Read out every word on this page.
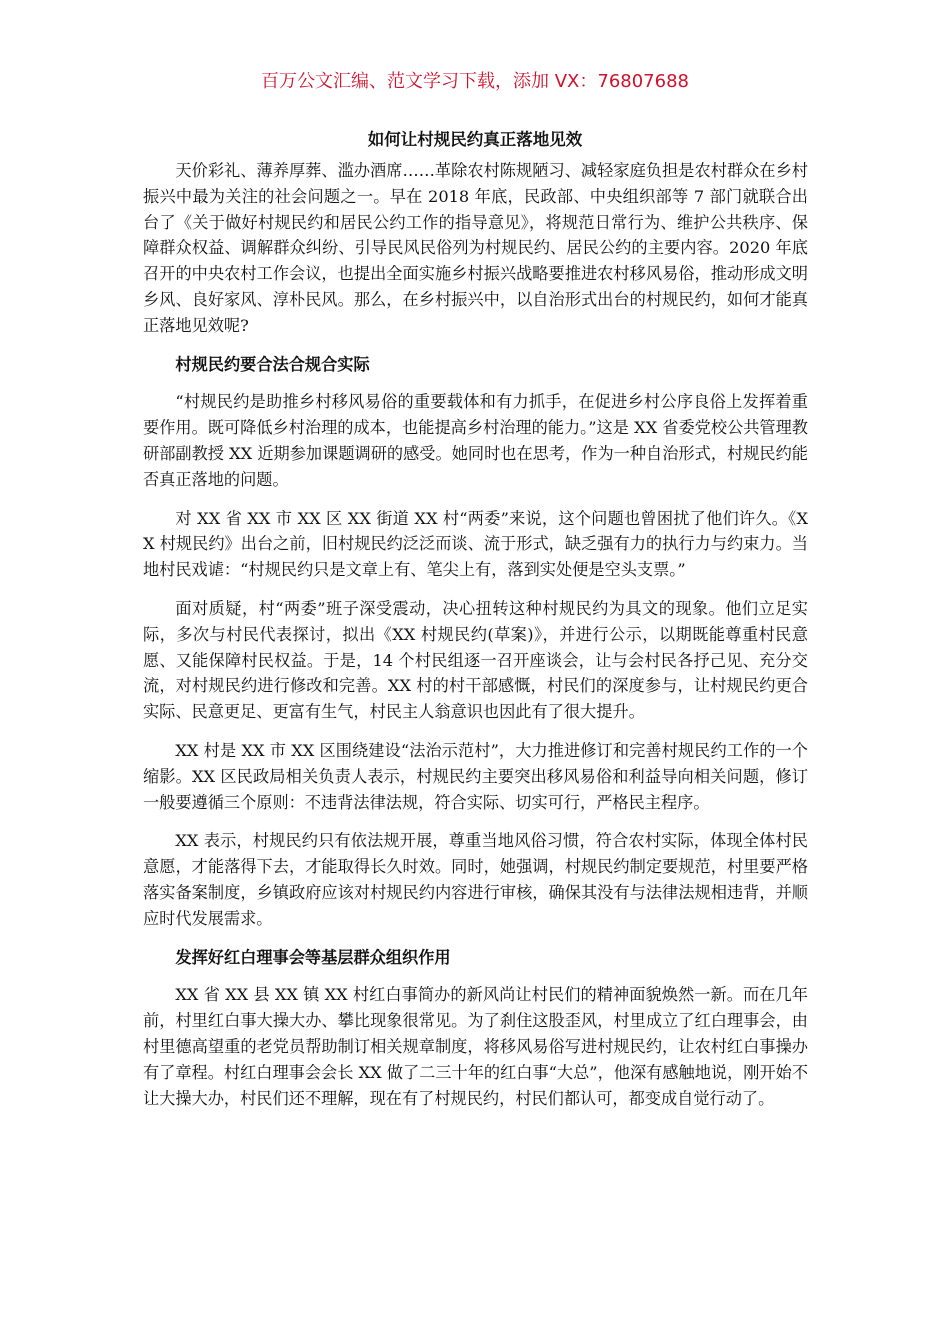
百万公文汇编、范文学习下载，添加 VX：76807688
如何让村规民约真正落地见效

天价彩礼、薄养厚葬、滥办酒席……革除农村陈规陋习、减轻家庭负担是农村群众在乡村振兴中最为关注的社会问题之一。早在 2018 年底，民政部、中央组织部等 7 部门就联合出台了《关于做好村规民约和居民公约工作的指导意见》，将规范日常行为、维护公共秩序、保障群众权益、调解群众纠纷、引导民风民俗列为村规民约、居民公约的主要内容。2020 年底召开的中央农村工作会议，也提出全面实施乡村振兴战略要推进农村移风易俗，推动形成文明乡风、良好家风、淳朴民风。那么，在乡村振兴中，以自治形式出台的村规民约，如何才能真正落地见效呢?

村规民约要合法合规合实际

“村规民约是助推乡村移风易俗的重要载体和有力抓手，在促进乡村公序良俗上发挥着重要作用。既可降低乡村治理的成本，也能提高乡村治理的能力。”这是 XX 省委党校公共管理教研部副教授 XX 近期参加课题调研的感受。她同时也在思考，作为一种自治形式，村规民约能否真正落地的问题。

对 XX 省 XX 市 XX 区 XX 街道 XX 村“两委”来说，这个问题也曾困扰了他们许久。《XX 村规民约》出台之前，旧村规民约泛泛而谈、流于形式，缺乏强有力的执行力与约束力。当地村民戏谑：“村规民约只是文章上有、笔尖上有，落到实处便是空头支票。”

面对质疑，村“两委”班子深受震动，决心扭转这种村规民约为具文的现象。他们立足实际，多次与村民代表探讨，拟出《XX 村规民约(草案)》，并进行公示，以期既能尊重村民意愿、又能保障村民权益。于是，14 个村民组逐一召开座谈会，让与会村民各抒己见、充分交流，对村规民约进行修改和完善。XX 村的村干部感慨，村民们的深度参与，让村规民约更合实际、民意更足、更富有生气，村民主人翁意识也因此有了很大提升。

XX 村是 XX 市 XX 区围绕建设“法治示范村”，大力推进修订和完善村规民约工作的一个缩影。XX 区民政局相关负责人表示，村规民约主要突出移风易俗和利益导向相关问题，修订一般要遵循三个原则：不违背法律法规，符合实际、切实可行，严格民主程序。

XX 表示，村规民约只有依法规开展，尊重当地风俗习惯，符合农村实际，体现全体村民意愿，才能落得下去，才能取得长久时效。同时，她强调，村规民约制定要规范，村里要严格落实备案制度，乡镇政府应该对村规民约内容进行审核，确保其没有与法律法规相违背，并顺应时代发展需求。

发挥好红白理事会等基层群众组织作用

XX 省 XX 县 XX 镇 XX 村红白事简办的新风尚让村民们的精神面貌焕然一新。而在几年前，村里红白事大操大办、攀比现象很常见。为了刹住这股歪风，村里成立了红白理事会，由村里德高望重的老党员帮助制订相关规章制度，将移风易俗写进村规民约，让农村红白事操办有了章程。村红白理事会会长 XX 做了二三十年的红白事“大总”，他深有感触地说，刚开始不让大操大办，村民们还不理解，现在有了村规民约，村民们都认可，都变成自觉行动了。
